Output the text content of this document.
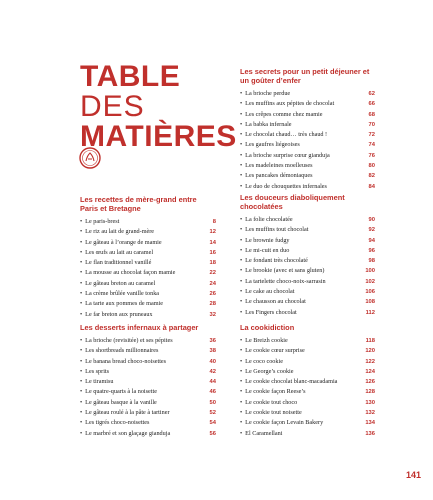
TABLE
DES
MATIÈRES
Les secrets pour un petit déjeuner et un goûter d’enfer
• La brioche perdue	62
• Les muffins aux pépites de chocolat	66
• Les crêpes comme chez mamie	68
• La babka infernale	70
• Le chocolat chaud… très chaud !	72
• Les gaufres liégeoises	74
• La brioche surprise cœur gianduja	76
• Les madeleines moelleuses	80
• Les pancakes démoniaques	82
• Le duo de chouquettes infernales	84
Les recettes de mère-grand entre Paris et Bretagne
• Le paris-brest	8
• Le riz au lait de grand-mère	12
• Le gâteau à l’orange de mamie	14
• Les œufs au lait au caramel	16
• Le flan traditionnel vanillé	18
• La mousse au chocolat façon mamie	22
• Le gâteau breton au caramel	24
• La crème brûlée vanille tonka	26
• La tarte aux pommes de mamie	28
• Le far breton aux pruneaux	32
Les douceurs diaboliquement chocolatées
• La folie chocolatée	90
• Les muffins tout chocolat	92
• Le brownie fudgy	94
• Le mi-cuit en duo	96
• Le fondant très chocolaté	98
• Le brookie (avec et sans gluten)	100
• La tartelette choco-noix-sarrasin	102
• Le cake au chocolat	106
• Le chausson au chocolat	108
• Les Fingers chocolat	112
Les desserts infernaux à partager
• La brioche (revisitée) et ses pépites	36
• Les shortbreads millionnaires	38
• Le banana bread choco-noisettes	40
• Les sprits	42
• Le tiramisu	44
• Le quatre-quarts à la noisette	46
• Le gâteau basque à la vanille	50
• Le gâteau roulé à la pâte à tartiner	52
• Les tigrés choco-noisettes	54
• Le marbré et son glaçage gianduja	56
La cookidiction
• Le Breizh cookie	118
• Le cookie cœur surprise	120
• Le coco cookie	122
• Le George’s cookie	124
• Le cookie chocolat blanc-macadamia	126
• Le cookie façon Reese’s	128
• Le cookie tout choco	130
• Le cookie tout noisette	132
• Le cookie façon Levain Bakery	134
• El Caramellani	136
141
